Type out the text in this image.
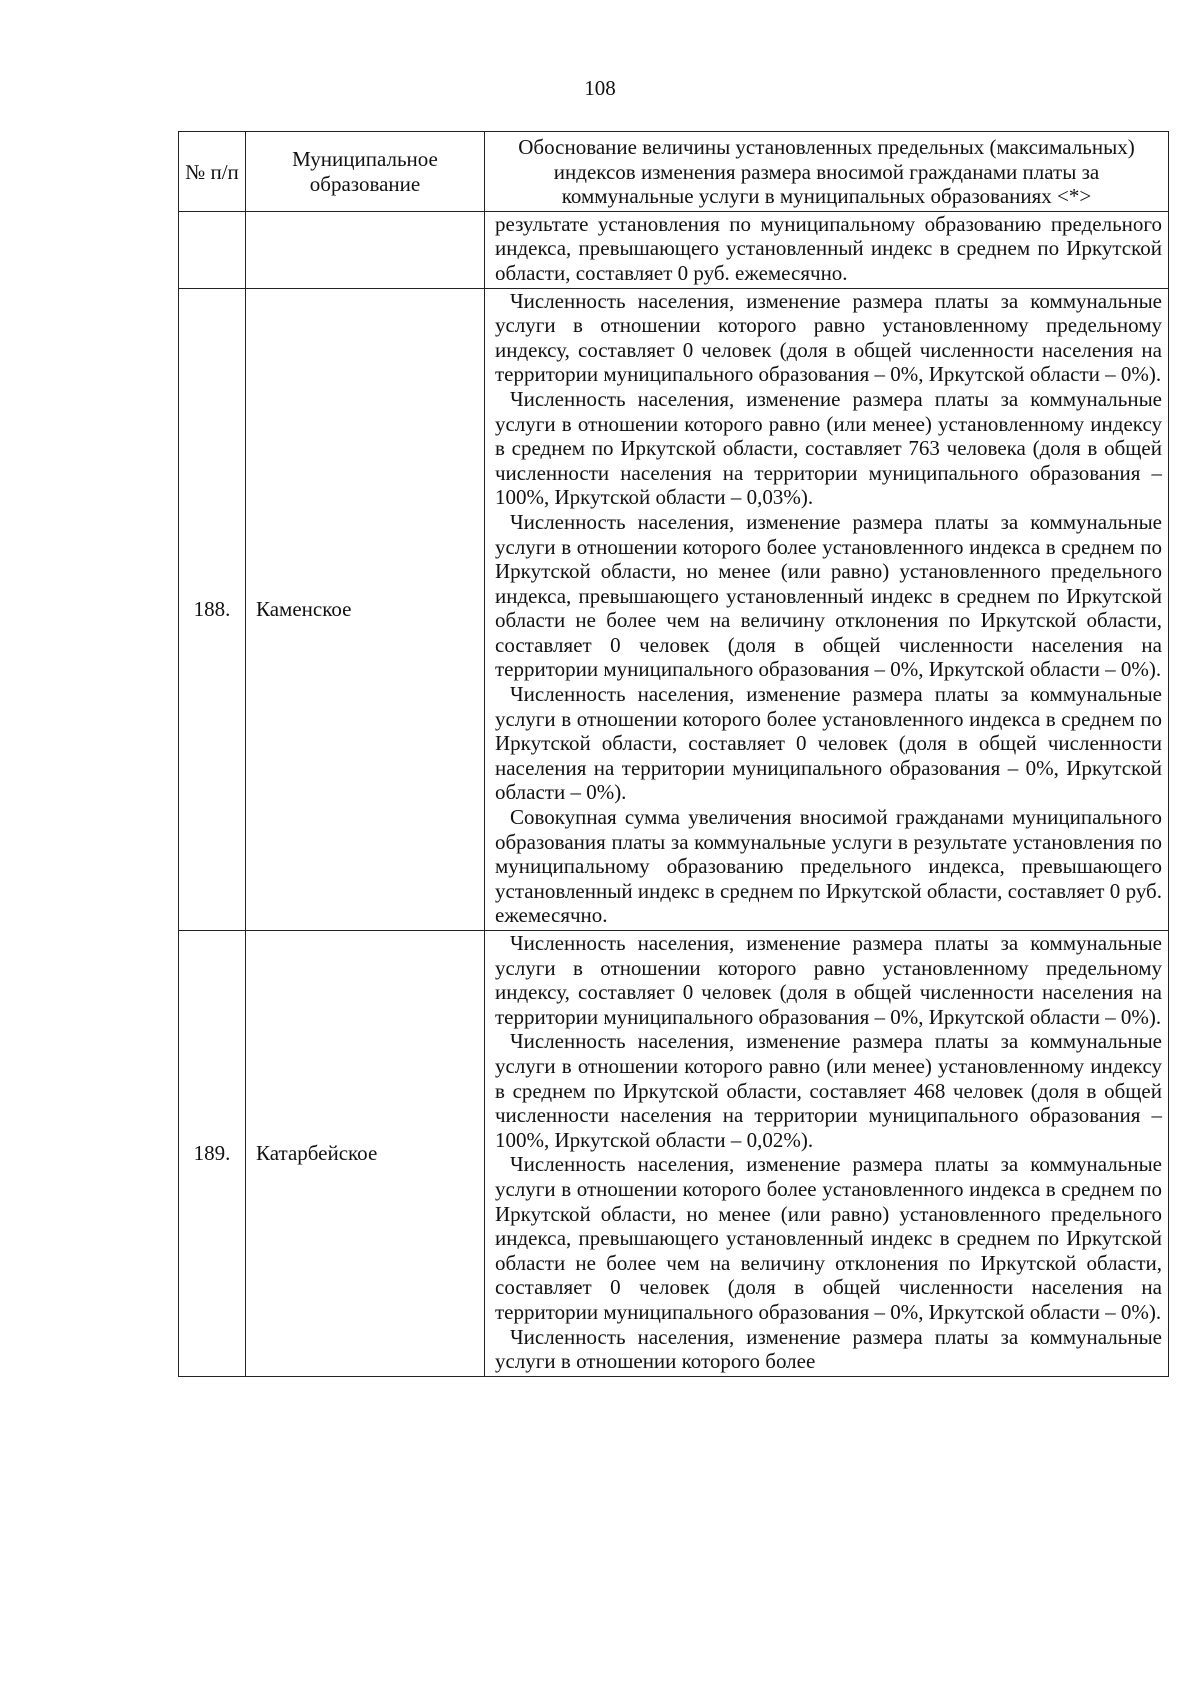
108
№ п/п	Муниципальное образование	Обоснование величины установленных предельных (максимальных) индексов изменения размера вносимой гражданами платы за коммунальные услуги в муниципальных образованиях <*>

		результате установления по муниципальному образованию предельного индекса, превышающего установленный индекс в среднем по Иркутской области, составляет 0 руб. ежемесячно.

188.	Каменское	Численность населения, изменение размера платы за коммунальные услуги в отношении которого равно установленному предельному индексу, составляет 0 человек (доля в общей численности населения на территории муниципального образования – 0%, Иркутской области – 0%).
Численность населения, изменение размера платы за коммунальные услуги в отношении которого равно (или менее) установленному индексу в среднем по Иркутской области, составляет 763 человека (доля в общей численности населения на территории муниципального образования – 100%, Иркутской области – 0,03%).
Численность населения, изменение размера платы за коммунальные услуги в отношении которого более установленного индекса в среднем по Иркутской области, но менее (или равно) установленного предельного индекса, превышающего установленный индекс в среднем по Иркутской области не более чем на величину отклонения по Иркутской области, составляет 0 человек (доля в общей численности населения на территории муниципального образования – 0%, Иркутской области – 0%).
Численность населения, изменение размера платы за коммунальные услуги в отношении которого более установленного индекса в среднем по Иркутской области, составляет 0 человек (доля в общей численности населения на территории муниципального образования – 0%, Иркутской области – 0%).
Совокупная сумма увеличения вносимой гражданами муниципального образования платы за коммунальные услуги в результате установления по муниципальному образованию предельного индекса, превышающего установленный индекс в среднем по Иркутской области, составляет 0 руб. ежемесячно.

189.	Катарбейское	Численность населения, изменение размера платы за коммунальные услуги в отношении которого равно установленному предельному индексу, составляет 0 человек (доля в общей численности населения на территории муниципального образования – 0%, Иркутской области – 0%).
Численность населения, изменение размера платы за коммунальные услуги в отношении которого равно (или менее) установленному индексу в среднем по Иркутской области, составляет 468 человек (доля в общей численности населения на территории муниципального образования – 100%, Иркутской области – 0,02%).
Численность населения, изменение размера платы за коммунальные услуги в отношении которого более установленного индекса в среднем по Иркутской области, но менее (или равно) установленного предельного индекса, превышающего установленный индекс в среднем по Иркутской области не более чем на величину отклонения по Иркутской области, составляет 0 человек (доля в общей численности населения на территории муниципального образования – 0%, Иркутской области – 0%).
Численность населения, изменение размера платы за коммунальные услуги в отношении которого более
